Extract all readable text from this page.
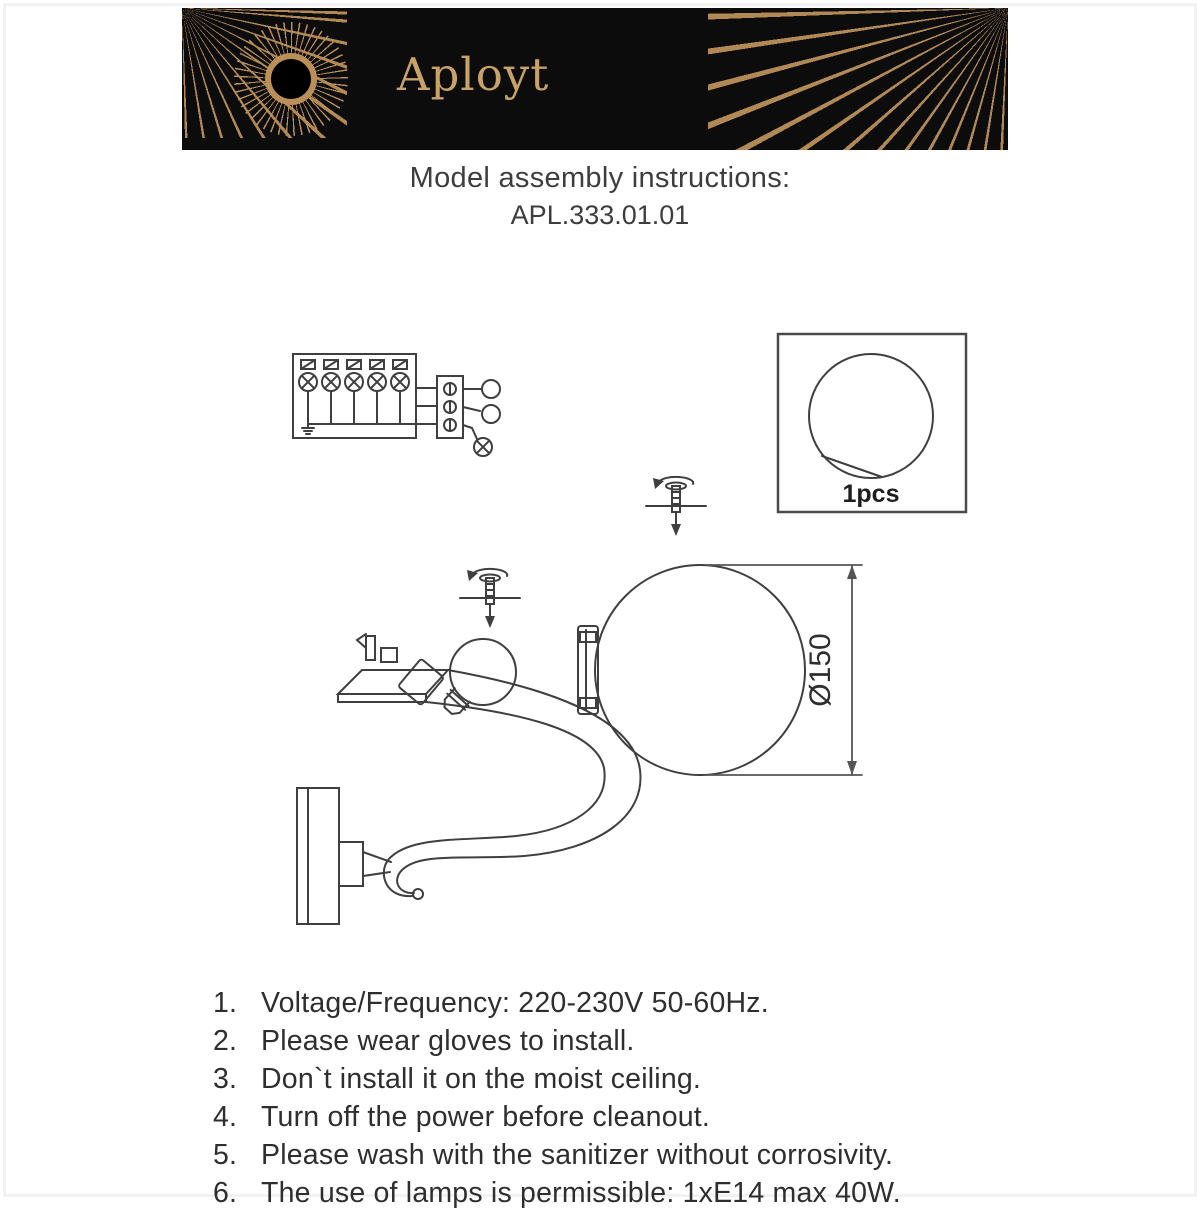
Aployt
Model assembly instructions:
APL.333.01.01
1pcs
Ø150
1. Voltage/Frequency: 220-230V 50-60Hz.
2. Please wear gloves to install.
3. Don`t install it on the moist ceiling.
4. Turn off the power before cleanout.
5. Please wash with the sanitizer without corrosivity.
6. The use of lamps is permissible: 1xE14 max 40W.
